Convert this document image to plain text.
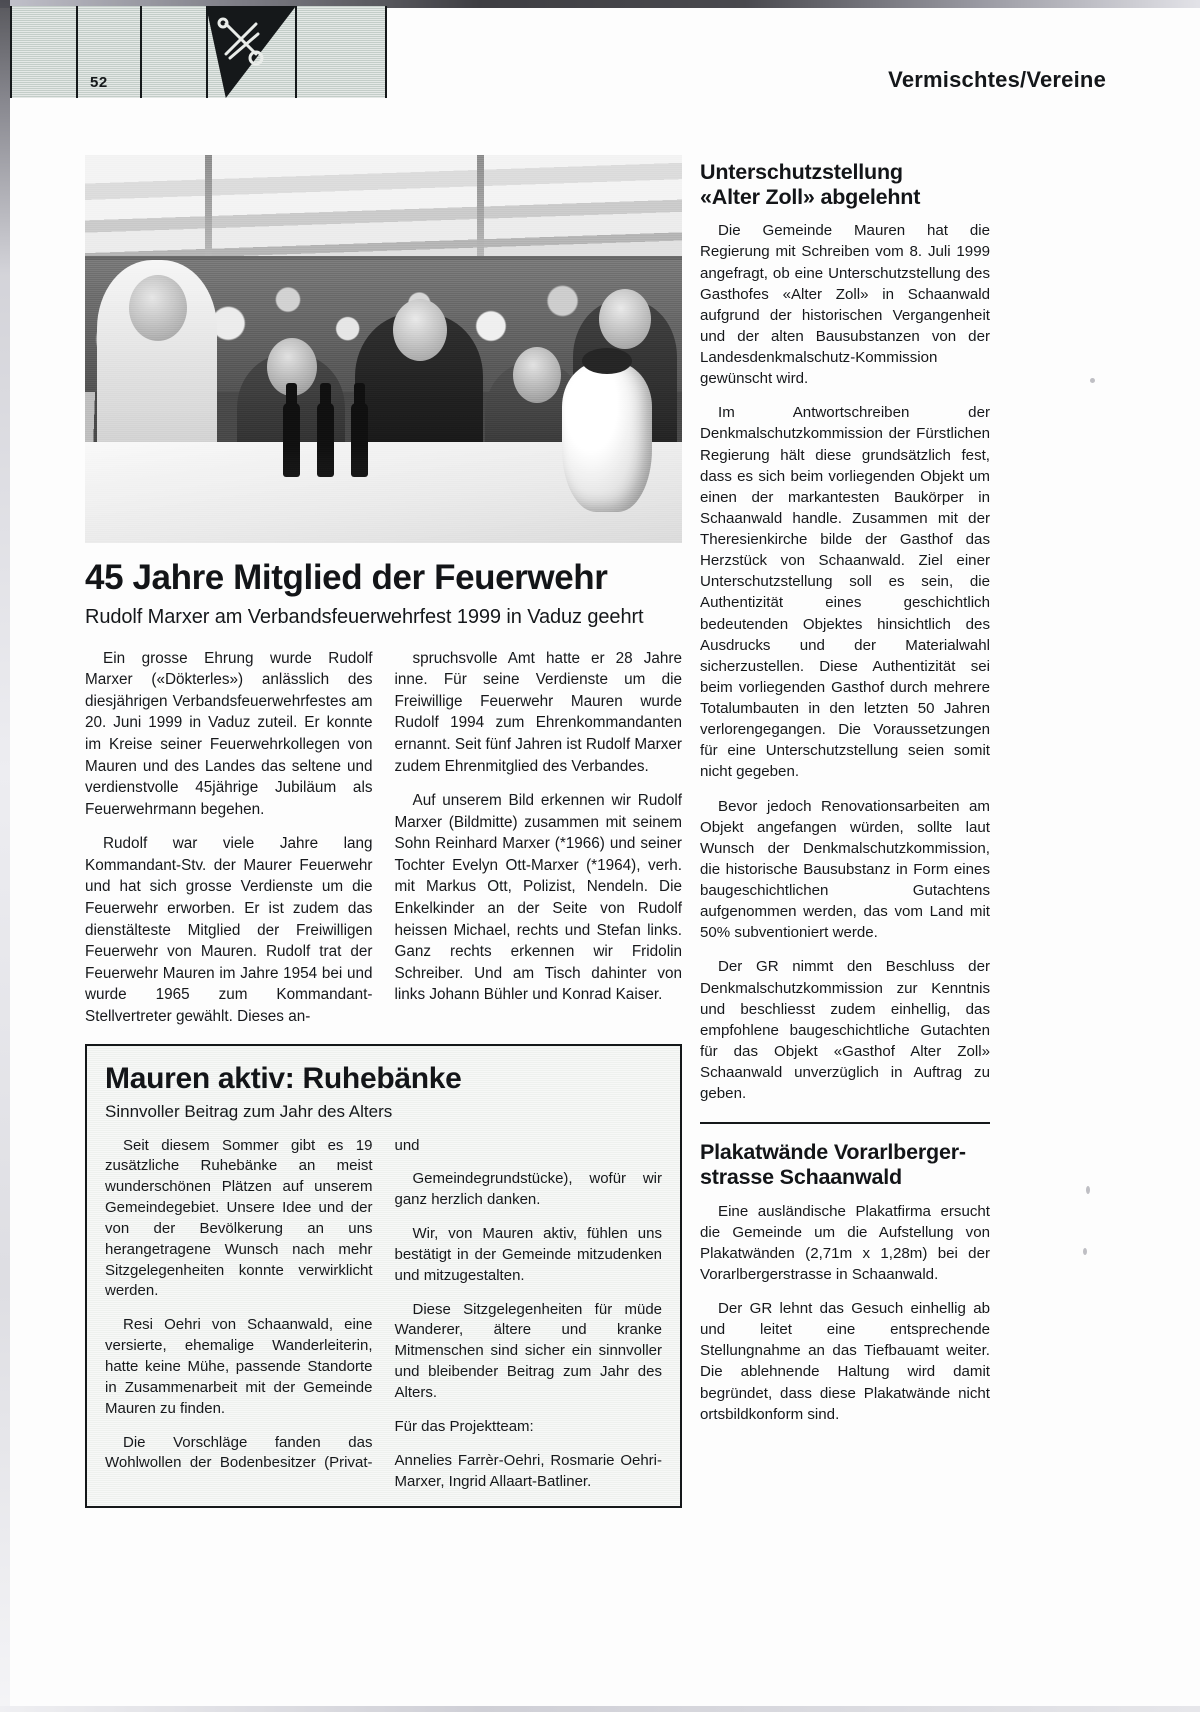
52	Vermischtes/Vereine
45 Jahre Mitglied der Feuerwehr

Rudolf Marxer am Verbandsfeuerwehrfest 1999 in Vaduz geehrt

Ein grosse Ehrung wurde Rudolf Marxer («Dökterles») anlässlich des diesjährigen Verbandsfeuerwehrfestes am 20. Juni 1999 in Vaduz zuteil. Er konnte im Kreise seiner Feuerwehrkollegen von Mauren und des Landes das seltene und verdienstvolle 45jährige Jubiläum als Feuerwehrmann begehen.

Rudolf war viele Jahre lang Kommandant-Stv. der Maurer Feuerwehr und hat sich grosse Verdienste um die Feuerwehr erworben. Er ist zudem das dienstälteste Mitglied der Freiwilligen Feuerwehr von Mauren. Rudolf trat der Feuerwehr Mauren im Jahre 1954 bei und wurde 1965 zum Kommandant-Stellvertreter gewählt. Dieses an-

spruchsvolle Amt hatte er 28 Jahre inne. Für seine Verdienste um die Freiwillige Feuerwehr Mauren wurde Rudolf 1994 zum Ehrenkommandanten ernannt. Seit fünf Jahren ist Rudolf Marxer zudem Ehrenmitglied des Verbandes.

Auf unserem Bild erkennen wir Rudolf Marxer (Bildmitte) zusammen mit seinem Sohn Reinhard Marxer (*1966) und seiner Tochter Evelyn Ott-Marxer (*1964), verh. mit Markus Ott, Polizist, Nendeln. Die Enkelkinder an der Seite von Rudolf heissen Michael, rechts und Stefan links. Ganz rechts erkennen wir Fridolin Schreiber. Und am Tisch dahinter von links Johann Bühler und Konrad Kaiser.

Mauren aktiv: Ruhebänke

Sinnvoller Beitrag zum Jahr des Alters

Seit diesem Sommer gibt es 19 zusätzliche Ruhebänke an meist wunderschönen Plätzen auf unserem Gemeindegebiet. Unsere Idee und der von der Bevölkerung an uns herangetragene Wunsch nach mehr Sitzgelegenheiten konnte verwirklicht werden.

Resi Oehri von Schaanwald, eine versierte, ehemalige Wanderleiterin, hatte keine Mühe, passende Standorte in Zusammenarbeit mit der Gemeinde Mauren zu finden.

Die Vorschläge fanden das Wohlwollen der Bodenbesitzer (Privat- und

Gemeindegrundstücke), wofür wir ganz herzlich danken.

Wir, von Mauren aktiv, fühlen uns bestätigt in der Gemeinde mitzudenken und mitzugestalten.

Diese Sitzgelegenheiten für müde Wanderer, ältere und kranke Mitmenschen sind sicher ein sinnvoller und bleibender Beitrag zum Jahr des Alters.

Für das Projektteam:

Annelies Farrèr-Oehri, Rosmarie Oehri-Marxer, Ingrid Allaart-Batliner.

Unterschutzstellung
«Alter Zoll» abgelehnt

Die Gemeinde Mauren hat die Regierung mit Schreiben vom 8. Juli 1999 angefragt, ob eine Unterschutzstellung des Gasthofes «Alter Zoll» in Schaanwald aufgrund der historischen Vergangenheit und der alten Bausubstanzen von der Landesdenkmalschutz-Kommission gewünscht wird.

Im Antwortschreiben der Denkmalschutzkommission der Fürstlichen Regierung hält diese grundsätzlich fest, dass es sich beim vorliegenden Objekt um einen der markantesten Baukörper in Schaanwald handle. Zusammen mit der Theresienkirche bilde der Gasthof das Herzstück von Schaanwald. Ziel einer Unterschutzstellung soll es sein, die Authentizität eines geschichtlich bedeutenden Objektes hinsichtlich des Ausdrucks und der Materialwahl sicherzustellen. Diese Authentizität sei beim vorliegenden Gasthof durch mehrere Totalumbauten in den letzten 50 Jahren verlorengegangen. Die Voraussetzungen für eine Unterschutzstellung seien somit nicht gegeben.

Bevor jedoch Renovationsarbeiten am Objekt angefangen würden, sollte laut Wunsch der Denkmalschutzkommission, die historische Bausubstanz in Form eines baugeschichtlichen Gutachtens aufgenommen werden, das vom Land mit 50% subventioniert werde.

Der GR nimmt den Beschluss der Denkmalschutzkommission zur Kenntnis und beschliesst zudem einhellig, das empfohlene baugeschichtliche Gutachten für das Objekt «Gasthof Alter Zoll» Schaanwald unverzüglich in Auftrag zu geben.

Plakatwände Vorarlberger-
strasse Schaanwald

Eine ausländische Plakatfirma ersucht die Gemeinde um die Aufstellung von Plakatwänden (2,71m x 1,28m) bei der Vorarlbergerstrasse in Schaanwald.

Der GR lehnt das Gesuch einhellig ab und leitet eine entsprechende Stellungnahme an das Tiefbauamt weiter. Die ablehnende Haltung wird damit begründet, dass diese Plakatwände nicht ortsbildkonform sind.
